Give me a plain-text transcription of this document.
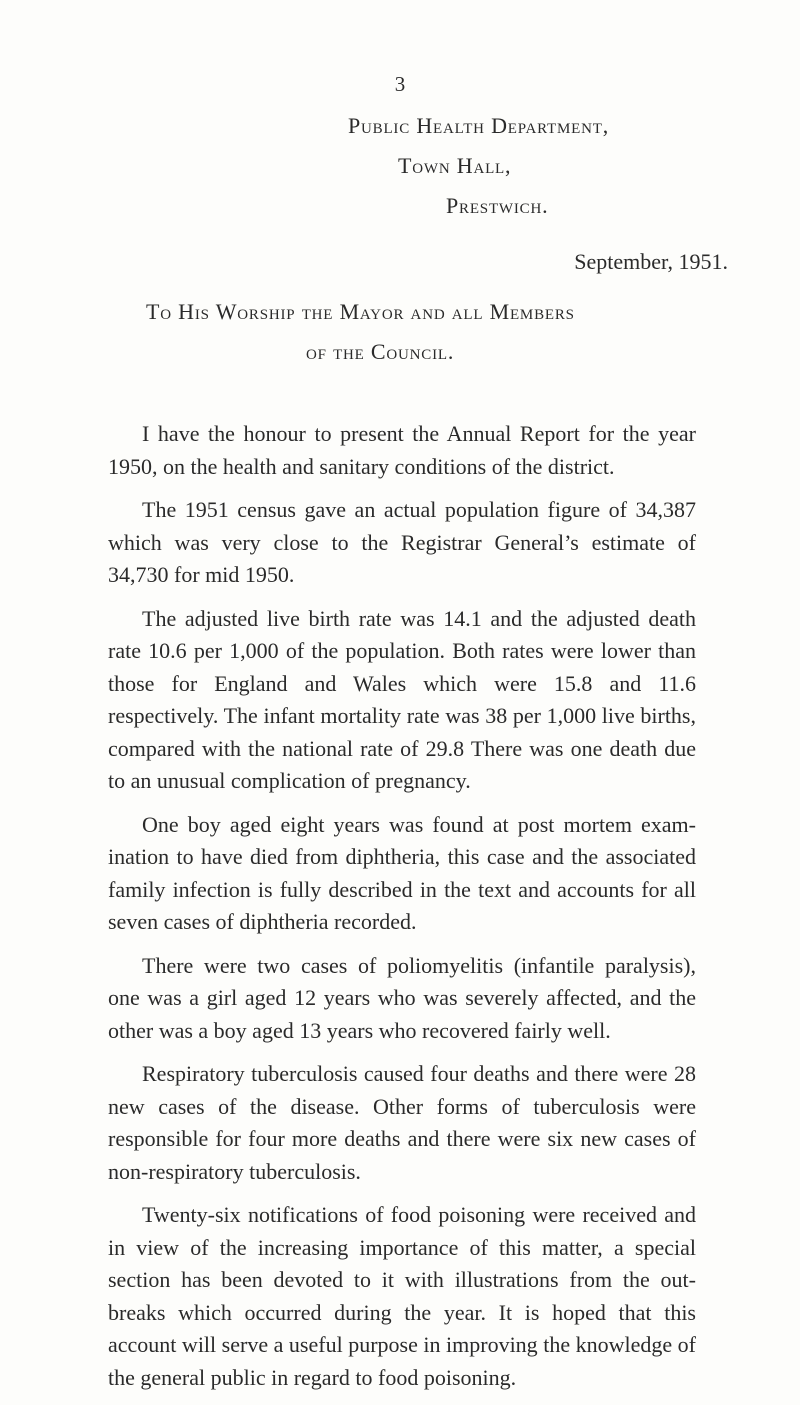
3
Public Health Department,
Town Hall,
Prestwich.
September, 1951.
To His Worship the Mayor and all Members
of the Council.

I have the honour to present the Annual Report for the year 1950, on the health and sanitary conditions of the district.

The 1951 census gave an actual population figure of 34,387 which was very close to the Registrar General’s estimate of 34,730 for mid 1950.

The adjusted live birth rate was 14.1 and the adjusted death rate 10.6 per 1,000 of the population. Both rates were lower than those for England and Wales which were 15.8 and 11.6 respectively. The infant mortality rate was 38 per 1,000 live births, compared with the national rate of 29.8 There was one death due to an unusual complication of pregnancy.

One boy aged eight years was found at post mortem exam- ination to have died from diphtheria, this case and the associated family infection is fully described in the text and accounts for all seven cases of diphtheria recorded.

There were two cases of poliomyelitis (infantile paralysis), one was a girl aged 12 years who was severely affected, and the other was a boy aged 13 years who recovered fairly well.

Respiratory tuberculosis caused four deaths and there were 28 new cases of the disease. Other forms of tuberculosis were responsible for four more deaths and there were six new cases of non-respiratory tuberculosis.

Twenty-six notifications of food poisoning were received and in view of the increasing importance of this matter, a special section has been devoted to it with illustrations from the out- breaks which occurred during the year. It is hoped that this account will serve a useful purpose in improving the knowledge of the general public in regard to food poisoning.
